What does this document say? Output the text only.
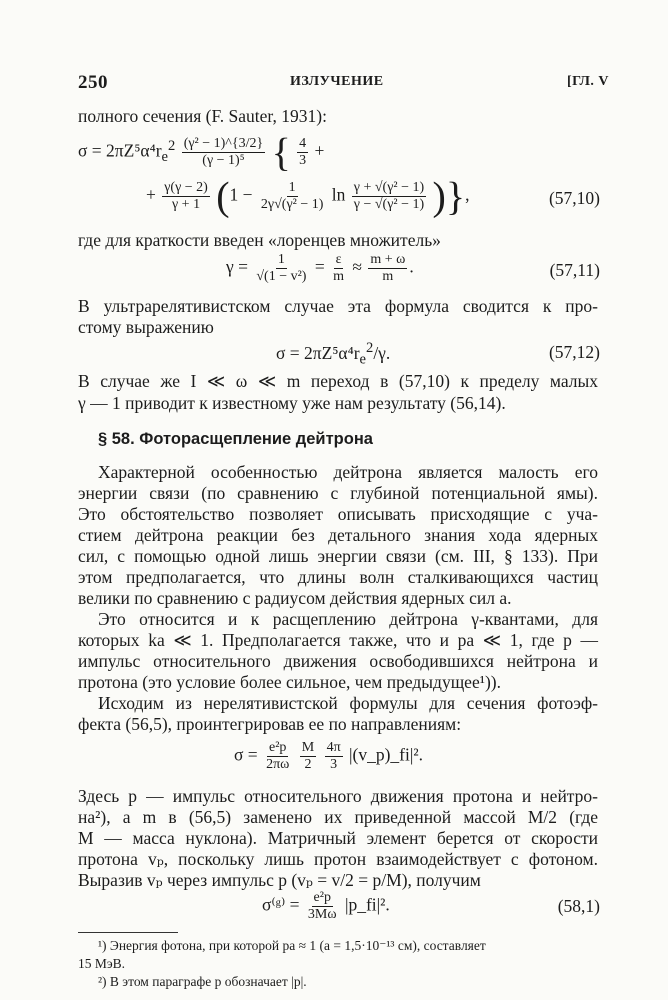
250	ИЗЛУЧЕНИЕ	[ГЛ. V
полного сечения (F. Sauter, 1931):
$\sigma = 2\pi Z^5\alpha^4r_e^2 \frac{\text{(γ² − 1)\textasciicircum{}\{3/2\}}}{\text{(γ − 1)⁵}}$ { $\frac{4}{3}$ +
+ $\frac{\gamma(\gamma - 2)}{\gamma + 1} (1 - \frac{1}{\text{2γ√(γ² − 1)}}$ $\ln \frac{\text{γ + √(γ² − 1)}}{\text{γ − √(γ² − 1)}}$ )},	(57,10)
где для краткости введен «лоренцев множитель»
$\gamma = \frac{1}{\text{√(1 − v²)}} = \frac{\varepsilon}{m} \approx \frac{m + \omega}{m}$ .	(57,11)
В ультрарелятивистском случае эта формула сводится к про-
стому выражению
$\sigma = 2\pi Z^5\alpha^4r_e^2/\gamma$.	(57,12)
В случае же I ≪ ω ≪ m переход в (57,10) к пределу малых
γ — 1 приводит к известному уже нам результату (56,14).
§ 58. Фоторасщепление дейтрона
Характерной особенностью дейтрона является малость его
энергии связи (по сравнению с глубиной потенциальной ямы).
Это обстоятельство позволяет описывать присходящие с уча-
стием дейтрона реакции без детального знания хода ядерных
сил, с помощью одной лишь энергии связи (см. III, § 133). При
этом предполагается, что длины волн сталкивающихся частиц
велики по сравнению с радиусом действия ядерных сил a.
Это относится и к расщеплению дейтрона γ-квантами, для
которых ka ≪ 1. Предполагается также, что и pa ≪ 1, где p —
импульс относительного движения освободившихся нейтрона и
протона (это условие более сильное, чем предыдущее¹)).
Исходим из нерелятивистской формулы для сечения фотоэф-
фекта (56,5), проинтегрировав ее по направлениям:
$\sigma = \frac{\text{e²p}}{2\pi\omega}$
$\frac{M}{2}$
$\frac{4\pi}{3}$ |(v_p)_fi|².
Здесь p — импульс относительного движения протона и нейтро-
на²), а m в (56,5) заменено их приведенной массой M/2 (где
M — масса нуклона). Матричный элемент берется от скорости
протона vₚ, поскольку лишь протон взаимодействует с фотоном.
Выразив vₚ через импульс p (vₚ = v/2 = p/M), получим
σ⁽ᵍ⁾ = $\frac{\text{e²p}}{3M\omega}$ |p_fi|².	(58,1)
¹) Энергия фотона, при которой pa ≈ 1 (a = 1,5·10⁻¹³ см), составляет
15 МэВ.
²) В этом параграфе p обозначает |p|.
